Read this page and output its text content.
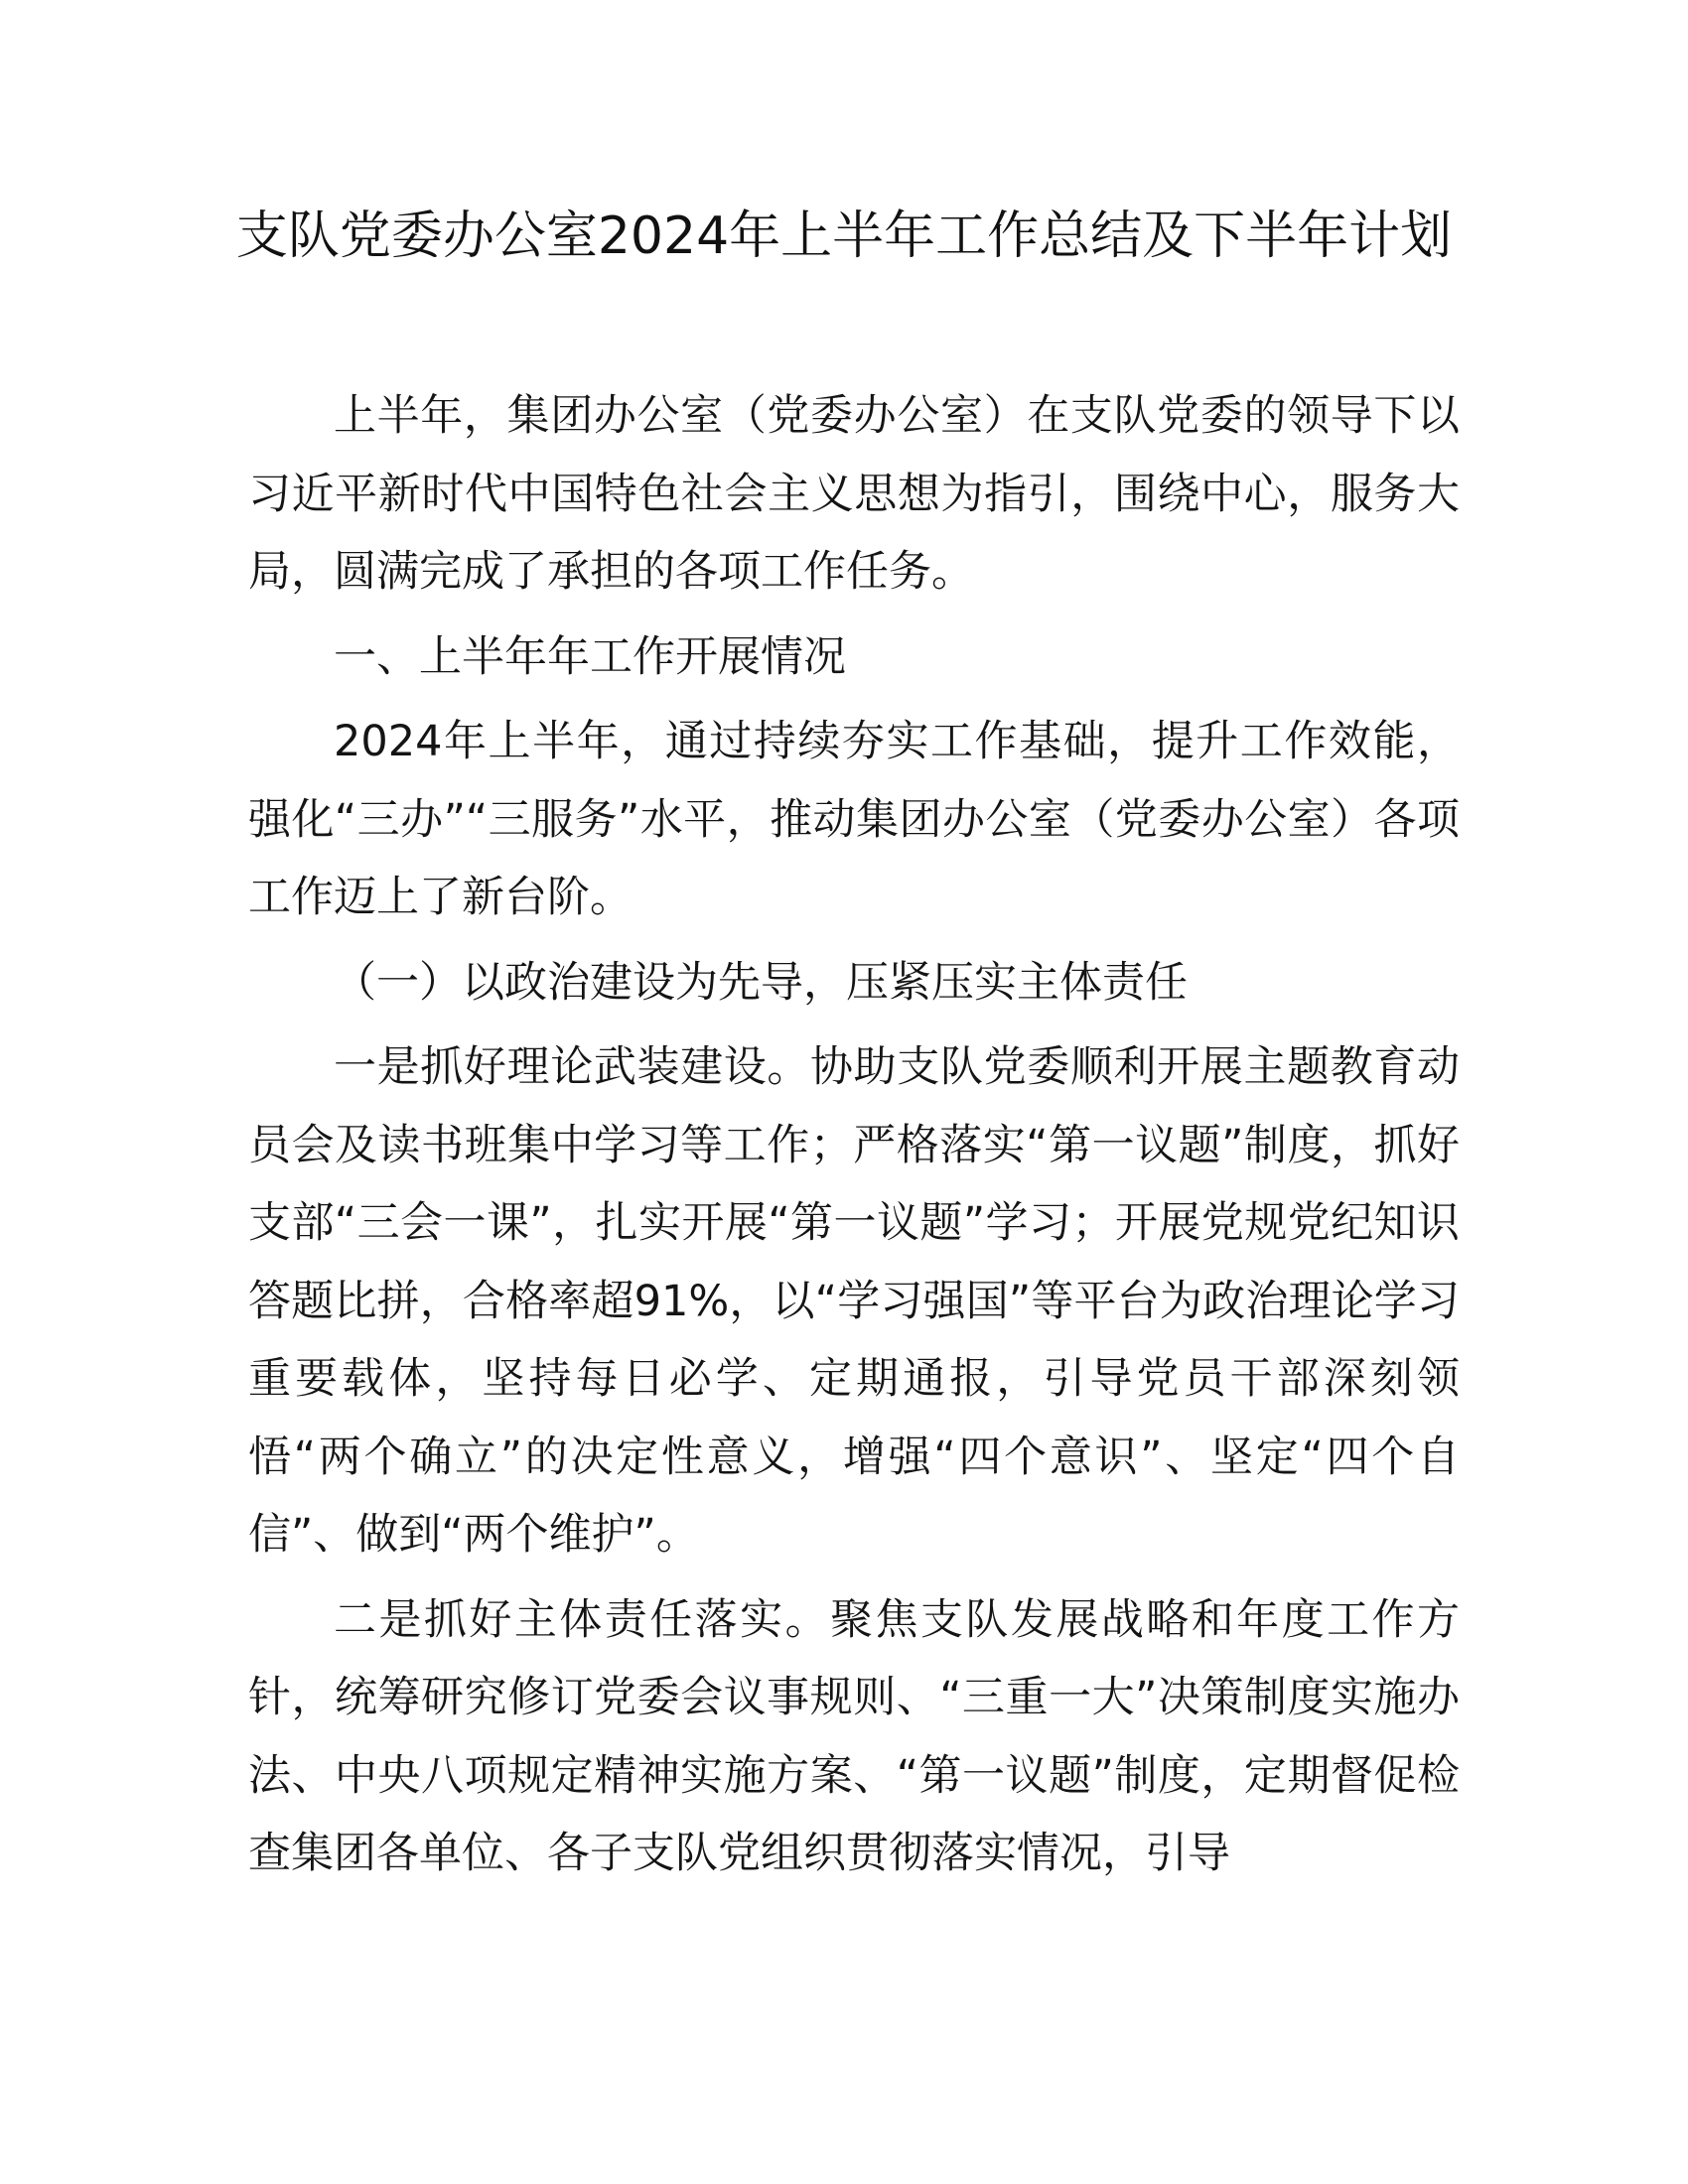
支队党委办公室2024年上半年工作总结及下半年计划

上半年，集团办公室（党委办公室）在支队党委的领导下以习近平新时代中国特色社会主义思想为指引，围绕中心，服务大局，圆满完成了承担的各项工作任务。

一、上半年年工作开展情况

2024年上半年，通过持续夯实工作基础，提升工作效能，强化“三办”“三服务”水平，推动集团办公室（党委办公室）各项工作迈上了新台阶。

（一）以政治建设为先导，压紧压实主体责任

一是抓好理论武装建设。协助支队党委顺利开展主题教育动员会及读书班集中学习等工作；严格落实“第一议题”制度，抓好支部“三会一课”，扎实开展“第一议题”学习；开展党规党纪知识答题比拼，合格率超91%，以“学习强国”等平台为政治理论学习重要载体，坚持每日必学、定期通报，引导党员干部深刻领悟“两个确立”的决定性意义，增强“四个意识”、坚定“四个自信”、做到“两个维护”。

二是抓好主体责任落实。聚焦支队发展战略和年度工作方针，统筹研究修订党委会议事规则、“三重一大”决策制度实施办法、中央八项规定精神实施方案、“第一议题”制度，定期督促检查集团各单位、各子支队党组织贯彻落实情况，引导
